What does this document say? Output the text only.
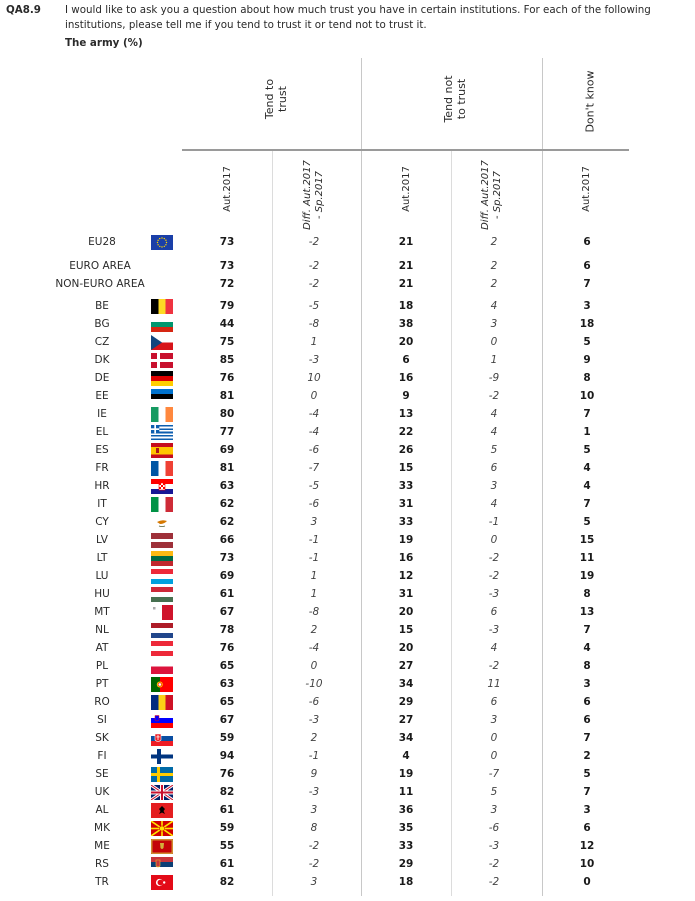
QA8.9 I would like to ask you a question about how much trust you have in certain institutions. For each of the following institutions, please tell me if you tend to trust it or tend not to trust it.
The army (%)
Tend to trust	Tend not to trust	Don't know
Aut.2017	Diff. Aut.2017 - Sp.2017	Aut.2017	Diff. Aut.2017 - Sp.2017	Aut.2017
EU28	73	-2	21	2	6
EURO AREA	73	-2	21	2	6
NON-EURO AREA	72	-2	21	2	7
BE	79	-5	18	4	3
BG	44	-8	38	3	18
CZ	75	1	20	0	5
DK	85	-3	6	1	9
DE	76	10	16	-9	8
EE	81	0	9	-2	10
IE	80	-4	13	4	7
EL	77	-4	22	4	1
ES	69	-6	26	5	5
FR	81	-7	15	6	4
HR	63	-5	33	3	4
IT	62	-6	31	4	7
CY	62	3	33	-1	5
LV	66	-1	19	0	15
LT	73	-1	16	-2	11
LU	69	1	12	-2	19
HU	61	1	31	-3	8
MT	67	-8	20	6	13
NL	78	2	15	-3	7
AT	76	-4	20	4	4
PL	65	0	27	-2	8
PT	63	-10	34	11	3
RO	65	-6	29	6	6
SI	67	-3	27	3	6
SK	59	2	34	0	7
FI	94	-1	4	0	2
SE	76	9	19	-7	5
UK	82	-3	11	5	7
AL	61	3	36	3	3
MK	59	8	35	-6	6
ME	55	-2	33	-3	12
RS	61	-2	29	-2	10
TR	82	3	18	-2	0
